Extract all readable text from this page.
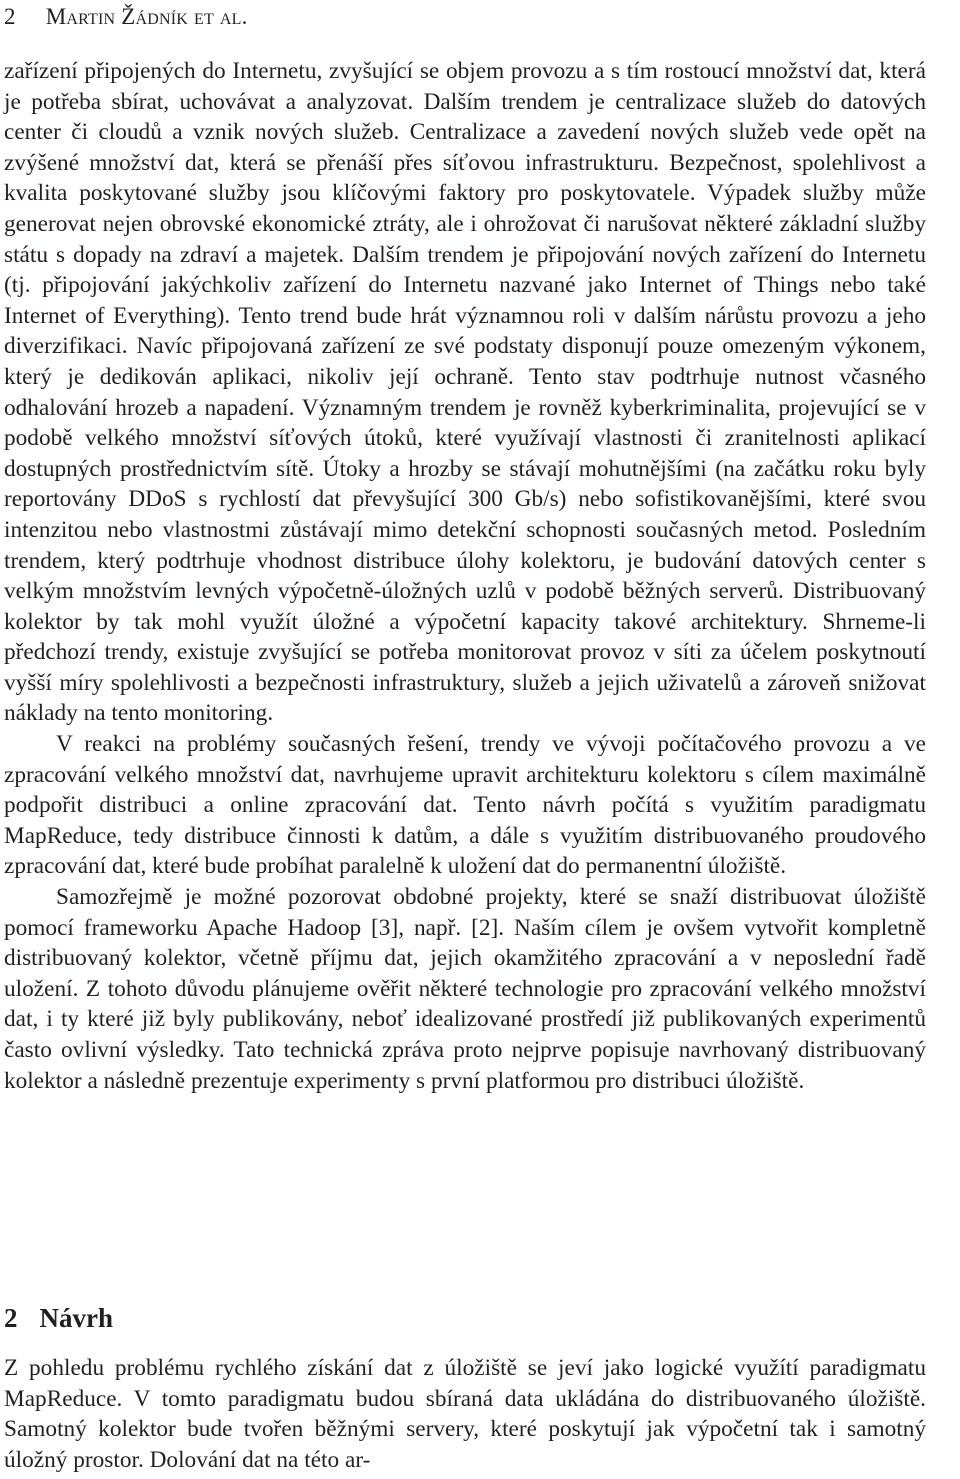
2 Martin Žádník et al.

zařízení připojených do Internetu, zvyšující se objem provozu a s tím rostoucí množství dat, která je potřeba sbírat, uchovávat a analyzovat. Dalším trendem je centralizace služeb do datových center či cloudů a vznik nových služeb. Centralizace a zavedení nových služeb vede opět na zvýšené množství dat, která se přenáší přes síťovou infrastrukturu. Bezpečnost, spolehlivost a kvalita poskytované služby jsou klíčovými faktory pro poskytovatele. Výpadek služby může generovat nejen obrovské ekonomické ztráty, ale i ohrožovat či narušovat některé základní služby státu s dopady na zdraví a majetek. Dalším trendem je připojování nových zařízení do Internetu (tj. připojování jakýchkoliv zařízení do Internetu nazvané jako Internet of Things nebo také Internet of Everything). Tento trend bude hrát významnou roli v dalším nárůstu provozu a jeho diverzifikaci. Navíc připojovaná zařízení ze své podstaty disponují pouze omezeným výkonem, který je dedikován aplikaci, nikoliv její ochraně. Tento stav podtrhuje nutnost včasného odhalování hrozeb a napadení. Významným trendem je rovněž kyberkriminalita, projevující se v podobě velkého množství síťových útoků, které využívají vlastnosti či zranitelnosti aplikací dostupných prostřednictvím sítě. Útoky a hrozby se stávají mohutnějšími (na začátku roku byly reportovány DDoS s rychlostí dat převyšující 300 Gb/s) nebo sofistikovanějšími, které svou intenzitou nebo vlastnostmi zůstávají mimo detekční schopnosti současných metod. Posledním trendem, který podtrhuje vhodnost distribuce úlohy kolektoru, je budování datových center s velkým množstvím levných výpočetně-úložných uzlů v podobě běžných serverů. Distribuovaný kolektor by tak mohl využít úložné a výpočetní kapacity takové architektury. Shrneme-li předchozí trendy, existuje zvyšující se potřeba monitorovat provoz v síti za účelem poskytnoutí vyšší míry spolehlivosti a bezpečnosti infrastruktury, služeb a jejich uživatelů a zároveň snižovat náklady na tento monitoring.

V reakci na problémy současných řešení, trendy ve vývoji počítačového provozu a ve zpracování velkého množství dat, navrhujeme upravit architekturu kolektoru s cílem maximálně podpořit distribuci a online zpracování dat. Tento návrh počítá s využitím paradigmatu MapReduce, tedy distribuce činnosti k datům, a dále s využitím distribuovaného proudového zpracování dat, které bude probíhat paralelně k uložení dat do permanentní úložiště.

Samozřejmě je možné pozorovat obdobné projekty, které se snaží distribuovat úložiště pomocí frameworku Apache Hadoop [3], např. [2]. Naším cílem je ovšem vytvořit kompletně distribuovaný kolektor, včetně příjmu dat, jejich okamžitého zpracování a v neposlední řadě uložení. Z tohoto důvodu plánujeme ověřit některé technologie pro zpracování velkého množství dat, i ty které již byly publikovány, neboť idealizované prostředí již publikovaných experimentů často ovlivní výsledky. Tato technická zpráva proto nejprve popisuje navrhovaný distribuovaný kolektor a následně prezentuje experimenty s první platformou pro distribuci úložiště.

2 Návrh

Z pohledu problému rychlého získání dat z úložiště se jeví jako logické využítí paradigmatu MapReduce. V tomto paradigmatu budou sbíraná data ukládána do distribuovaného úložiště. Samotný kolektor bude tvořen běžnými servery, které poskytují jak výpočetní tak i samotný úložný prostor. Dolování dat na této ar-
